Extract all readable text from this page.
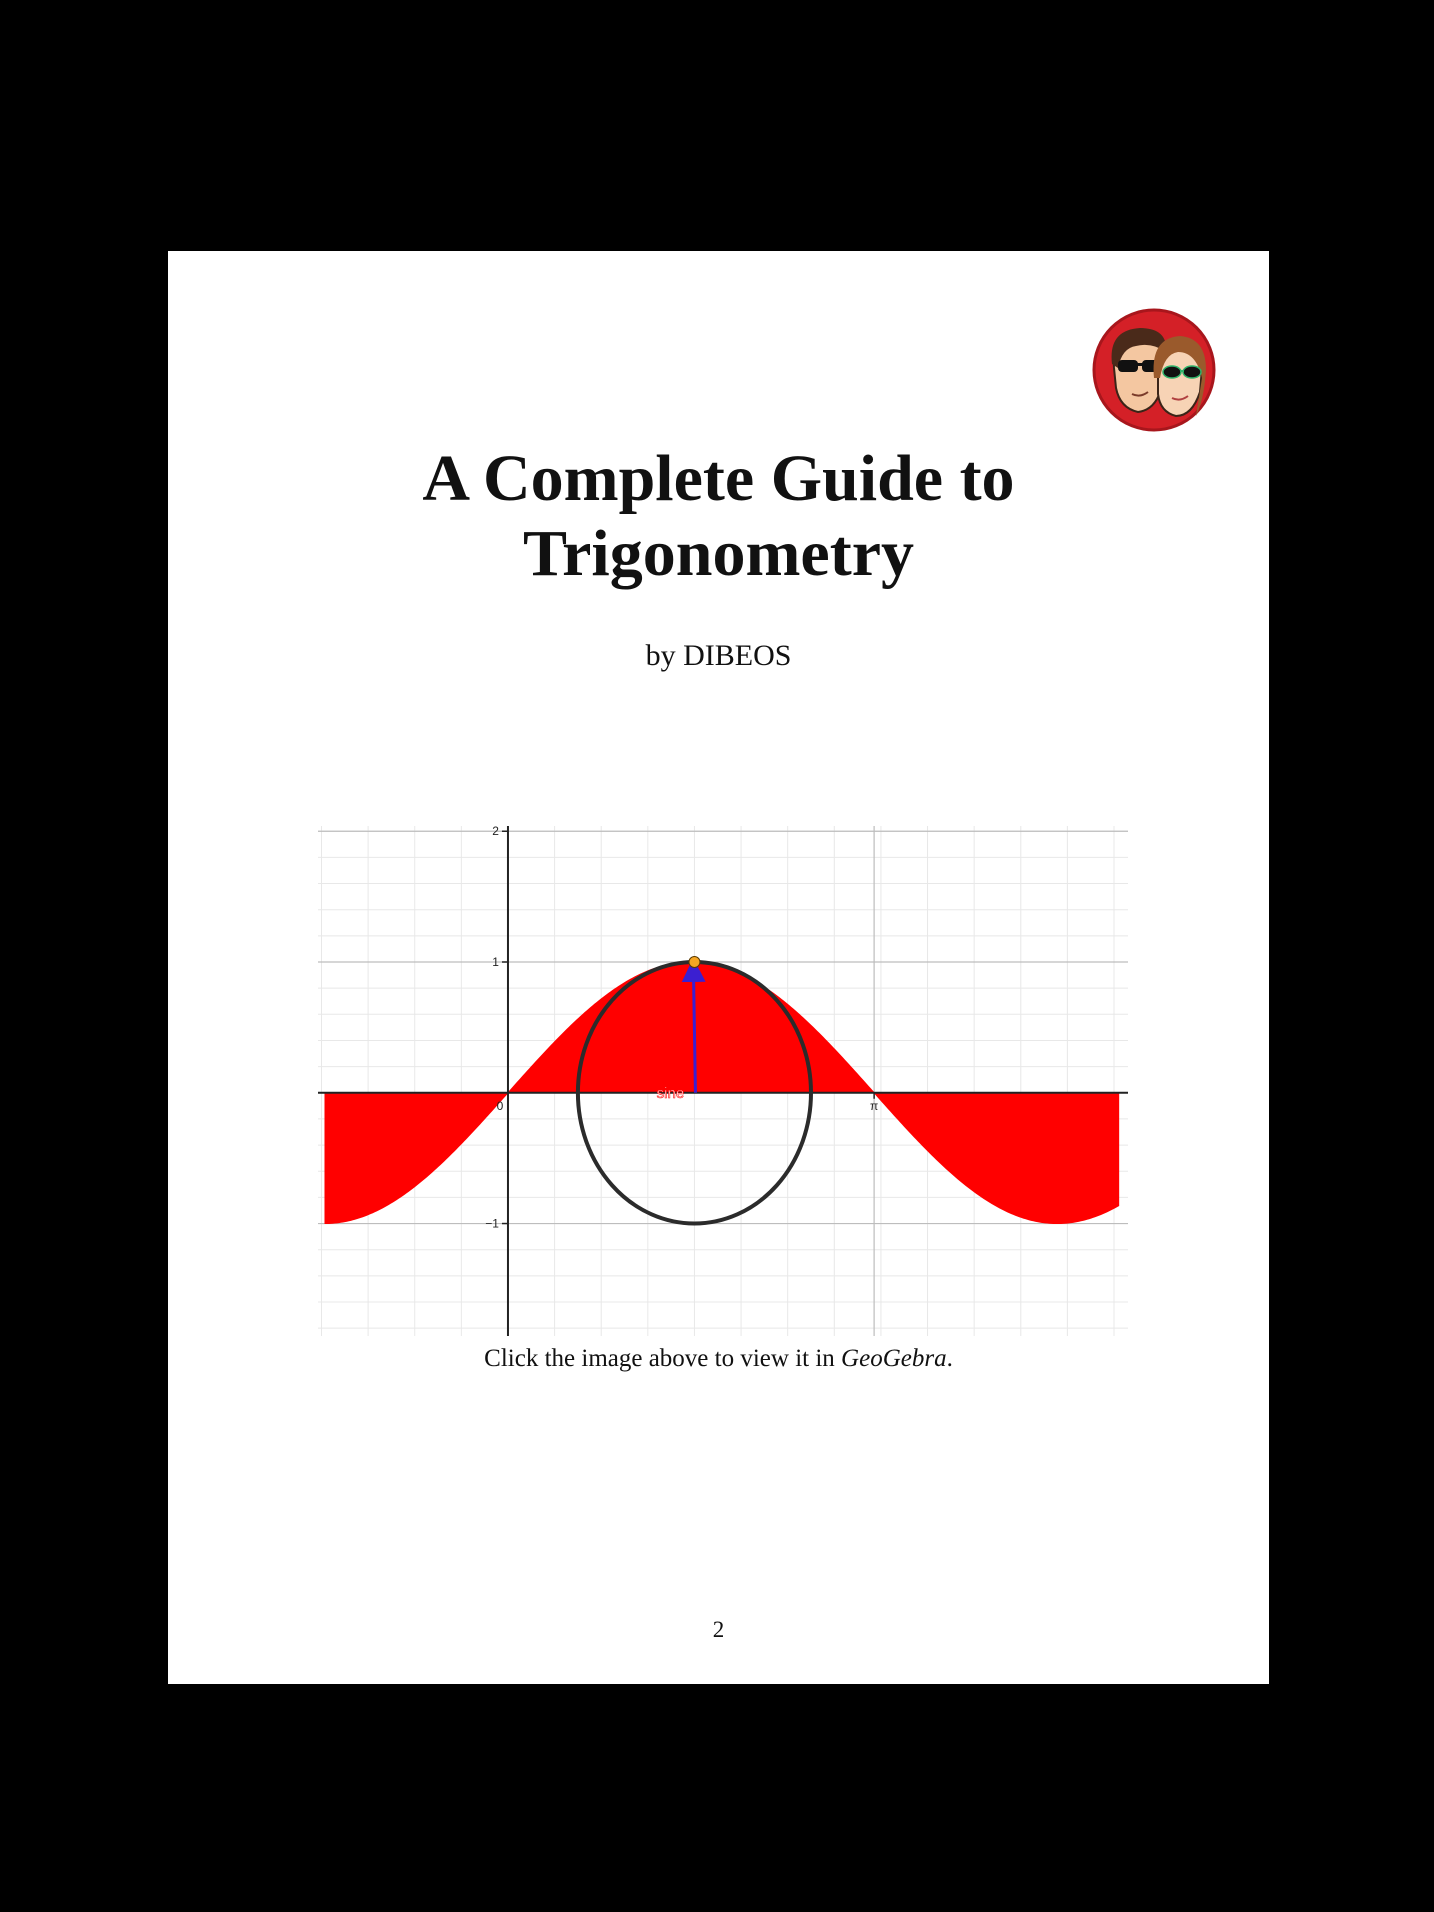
A Complete Guide to
Trigonometry
by DIBEOS
2
1
−1
0	π
sine
Click the image above to view it in GeoGebra.
2
